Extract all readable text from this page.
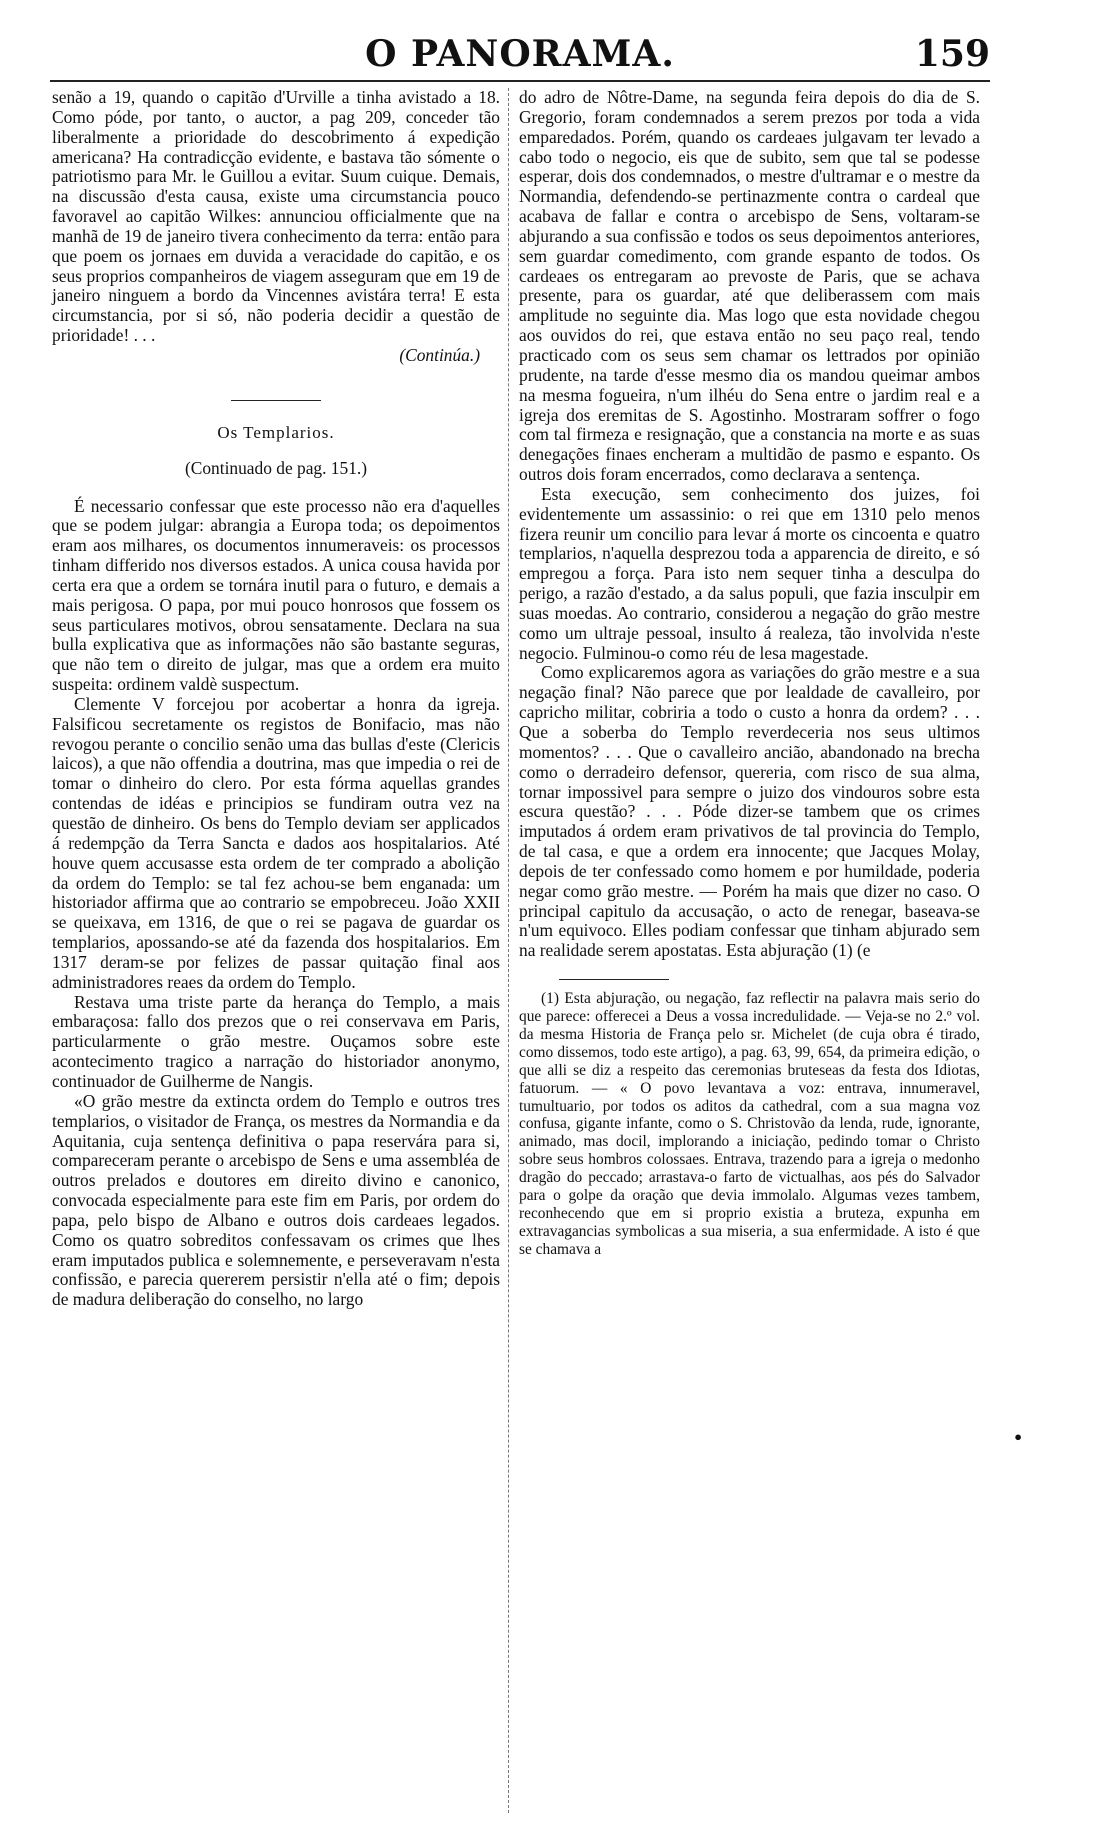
O PANORAMA.	159

senão a 19, quando o capitão d'Urville a tinha avistado a 18. Como póde, por tanto, o auctor, a pag 209, conceder tão liberalmente a prioridade do descobrimento á expedição americana? Ha contradicção evidente, e bastava tão sómente o patriotismo para Mr. le Guillou a evitar. Suum cuique. Demais, na discussão d'esta causa, existe uma circumstancia pouco favoravel ao capitão Wilkes: annunciou officialmente que na manhã de 19 de janeiro tivera conhecimento da terra: então para que poem os jornaes em duvida a veracidade do capitão, e os seus proprios companheiros de viagem asseguram que em 19 de janeiro ninguem a bordo da Vincennes avistára terra! E esta circumstancia, por si só, não poderia decidir a questão de prioridade! . . .

(Continúa.)

Os Templarios.
(Continuado de pag. 151.)

É necessario confessar que este processo não era d'aquelles que se podem julgar: abrangia a Europa toda; os depoimentos eram aos milhares, os documentos innumeraveis: os processos tinham differido nos diversos estados. A unica cousa havida por certa era que a ordem se tornára inutil para o futuro, e demais a mais perigosa. O papa, por mui pouco honrosos que fossem os seus particulares motivos, obrou sensatamente. Declara na sua bulla explicativa que as informações não são bastante seguras, que não tem o direito de julgar, mas que a ordem era muito suspeita: ordinem valdè suspectum.

Clemente V forcejou por acobertar a honra da igreja. Falsificou secretamente os registos de Bonifacio, mas não revogou perante o concilio senão uma das bullas d'este (Clericis laicos), a que não offendia a doutrina, mas que impedia o rei de tomar o dinheiro do clero. Por esta fórma aquellas grandes contendas de idéas e principios se fundiram outra vez na questão de dinheiro. Os bens do Templo deviam ser applicados á redempção da Terra Sancta e dados aos hospitalarios. Até houve quem accusasse esta ordem de ter comprado a abolição da ordem do Templo: se tal fez achou-se bem enganada: um historiador affirma que ao contrario se empobreceu. João XXII se queixava, em 1316, de que o rei se pagava de guardar os templarios, apossando-se até da fazenda dos hospitalarios. Em 1317 deram-se por felizes de passar quitação final aos administradores reaes da ordem do Templo.

Restava uma triste parte da herança do Templo, a mais embaraçosa: fallo dos prezos que o rei conservava em Paris, particularmente o grão mestre. Ouçamos sobre este acontecimento tragico a narração do historiador anonymo, continuador de Guilherme de Nangis.

«O grão mestre da extincta ordem do Templo e outros tres templarios, o visitador de França, os mestres da Normandia e da Aquitania, cuja sentença definitiva o papa reservára para si, compareceram perante o arcebispo de Sens e uma assembléa de outros prelados e doutores em direito divino e canonico, convocada especialmente para este fim em Paris, por ordem do papa, pelo bispo de Albano e outros dois cardeaes legados. Como os quatro sobreditos confessavam os crimes que lhes eram imputados publica e solemnemente, e perseveravam n'esta confissão, e parecia quererem persistir n'ella até o fim; depois de madura deliberação do conselho, no largo

do adro de Nôtre-Dame, na segunda feira depois do dia de S. Gregorio, foram condemnados a serem prezos por toda a vida emparedados. Porém, quando os cardeaes julgavam ter levado a cabo todo o negocio, eis que de subito, sem que tal se podesse esperar, dois dos condemnados, o mestre d'ultramar e o mestre da Normandia, defendendo-se pertinazmente contra o cardeal que acabava de fallar e contra o arcebispo de Sens, voltaram-se abjurando a sua confissão e todos os seus depoimentos anteriores, sem guardar comedimento, com grande espanto de todos. Os cardeaes os entregaram ao prevoste de Paris, que se achava presente, para os guardar, até que deliberassem com mais amplitude no seguinte dia. Mas logo que esta novidade chegou aos ouvidos do rei, que estava então no seu paço real, tendo practicado com os seus sem chamar os lettrados por opinião prudente, na tarde d'esse mesmo dia os mandou queimar ambos na mesma fogueira, n'um ilhéu do Sena entre o jardim real e a igreja dos eremitas de S. Agostinho. Mostraram soffrer o fogo com tal firmeza e resignação, que a constancia na morte e as suas denegações finaes encheram a multidão de pasmo e espanto. Os outros dois foram encerrados, como declarava a sentença.

Esta execução, sem conhecimento dos juizes, foi evidentemente um assassinio: o rei que em 1310 pelo menos fizera reunir um concilio para levar á morte os cincoenta e quatro templarios, n'aquella desprezou toda a apparencia de direito, e só empregou a força. Para isto nem sequer tinha a desculpa do perigo, a razão d'estado, a da salus populi, que fazia insculpir em suas moedas. Ao contrario, considerou a negação do grão mestre como um ultraje pessoal, insulto á realeza, tão involvida n'este negocio. Fulminou-o como réu de lesa magestade.

Como explicaremos agora as variações do grão mestre e a sua negação final? Não parece que por lealdade de cavalleiro, por capricho militar, cobriria a todo o custo a honra da ordem? . . . Que a soberba do Templo reverdeceria nos seus ultimos momentos? . . . Que o cavalleiro ancião, abandonado na brecha como o derradeiro defensor, quereria, com risco de sua alma, tornar impossivel para sempre o juizo dos vindouros sobre esta escura questão? . . . Póde dizer-se tambem que os crimes imputados á ordem eram privativos de tal provincia do Templo, de tal casa, e que a ordem era innocente; que Jacques Molay, depois de ter confessado como homem e por humildade, poderia negar como grão mestre. — Porém ha mais que dizer no caso. O principal capitulo da accusação, o acto de renegar, baseava-se n'um equivoco. Elles podiam confessar que tinham abjurado sem na realidade serem apostatas. Esta abjuração (1) (e

(1) Esta abjuração, ou negação, faz reflectir na palavra mais serio do que parece: offerecei a Deus a vossa incredulidade. — Veja-se no 2.º vol. da mesma Historia de França pelo sr. Michelet (de cuja obra é tirado, como dissemos, todo este artigo), a pag. 63, 99, 654, da primeira edição, o que alli se diz a respeito das ceremonias bruteseas da festa dos Idiotas, fatuorum. — « O povo levantava a voz: entrava, innumeravel, tumultuario, por todos os aditos da cathedral, com a sua magna voz confusa, gigante infante, como o S. Christovão da lenda, rude, ignorante, animado, mas docil, implorando a iniciação, pedindo tomar o Christo sobre seus hombros colossaes. Entrava, trazendo para a igreja o medonho dragão do peccado; arrastava-o farto de victualhas, aos pés do Salvador para o golpe da oração que devia immolalo. Algumas vezes tambem, reconhecendo que em si proprio existia a bruteza, expunha em extravagancias symbolicas a sua miseria, a sua enfermidade. A isto é que se chamava a

•
